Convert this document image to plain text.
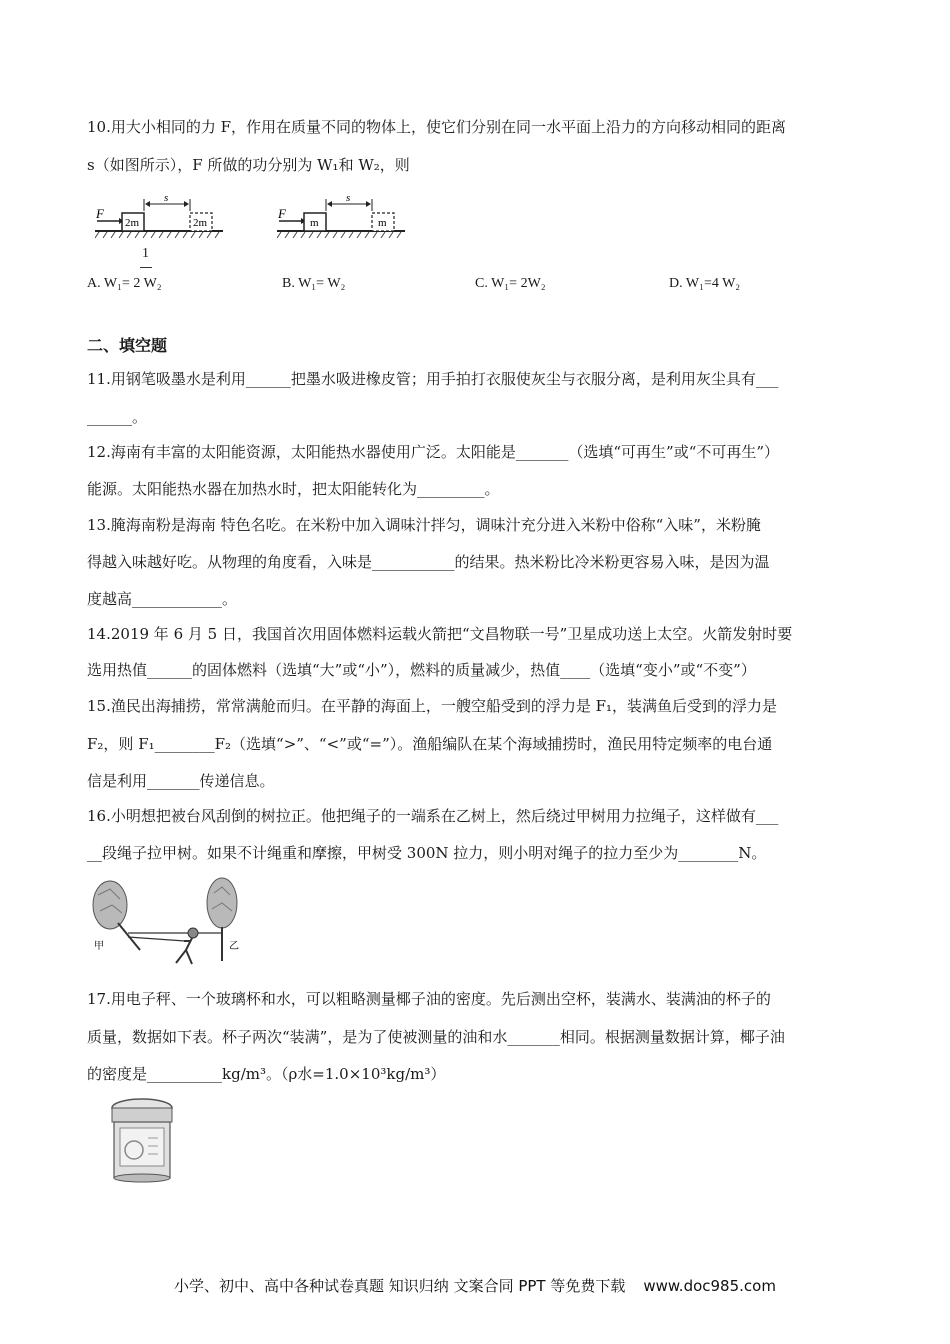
10.用大小相同的力 F，作用在质量不同的物体上，使它们分别在同一水平面上沿力的方向移动相同的距离
s（如图所示），F 所做的功分别为 W₁和 W₂，则
F
2m
s
2m
F
m
s
m
1
A. W₁= 2 W₂	B. W₁= W₂	C. W₁= 2W₂	D. W₁=4 W₂
二、填空题
11.用钢笔吸墨水是利用______把墨水吸进橡皮管；用手拍打衣服使灰尘与衣服分离，是利用灰尘具有___
______。
12.海南有丰富的太阳能资源，太阳能热水器使用广泛。太阳能是_______（选填“可再生”或“不可再生”）
能源。太阳能热水器在加热水时，把太阳能转化为_________。
13.腌海南粉是海南 特色名吃。在米粉中加入调味汁拌匀，调味汁充分进入米粉中俗称“入味”，米粉腌
得越入味越好吃。从物理的角度看，入味是___________的结果。热米粉比冷米粉更容易入味，是因为温
度越高____________。
14.2019 年 6 月 5 日，我国首次用固体燃料运载火箭把“文昌物联一号”卫星成功送上太空。火箭发射时要
选用热值______的固体燃料（选填“大”或“小”），燃料的质量减少，热值____（选填“变小”或“不变”）
15.渔民出海捕捞，常常满舱而归。在平静的海面上，一艘空船受到的浮力是 F₁，装满鱼后受到的浮力是
F₂，则 F₁________F₂（选填“>”、“<”或“=”）。渔船编队在某个海域捕捞时，渔民用特定频率的电台通
信是利用_______传递信息。
16.小明想把被台风刮倒的树拉正。他把绳子的一端系在乙树上，然后绕过甲树用力拉绳子，这样做有___
__段绳子拉甲树。如果不计绳重和摩擦，甲树受 300N 拉力，则小明对绳子的拉力至少为________N。
甲	乙
17.用电子秤、一个玻璃杯和水，可以粗略测量椰子油的密度。先后测出空杯，装满水、装满油的杯子的
质量，数据如下表。杯子两次“装满”，是为了使被测量的油和水_______相同。根据测量数据计算，椰子油
的密度是__________kg/m³。（ρ水=1.0×10³kg/m³）
小学、初中、高中各种试卷真题 知识归纳 文案合同 PPT 等免费下载 www.doc985.com
